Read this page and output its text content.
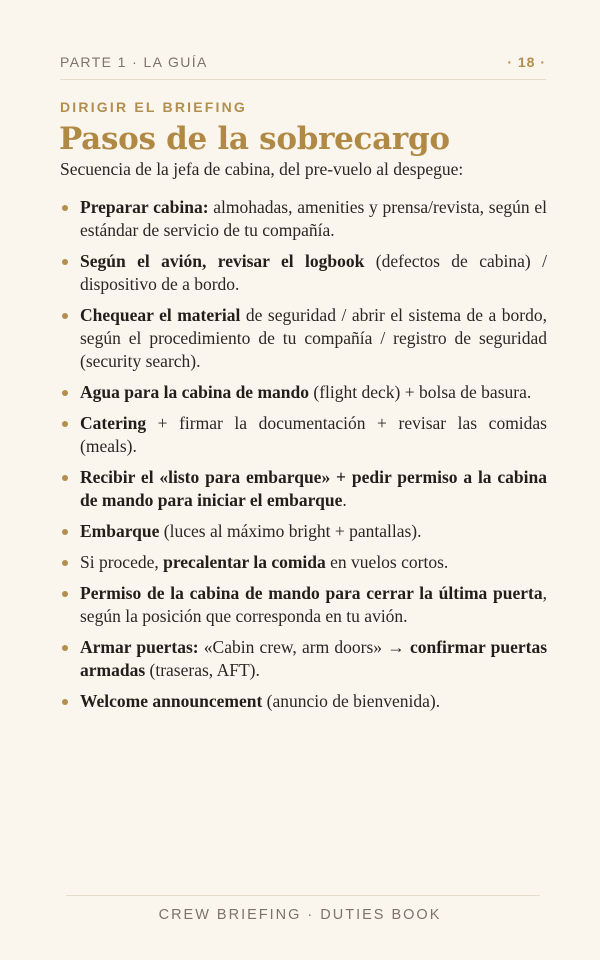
PARTE 1 · LA GUÍA	· 18 ·
DIRIGIR EL BRIEFING
Pasos de la sobrecargo
Secuencia de la jefa de cabina, del pre-vuelo al despegue:
Preparar cabina: almohadas, amenities y prensa/revista, según el estándar de servicio de tu compañía.
Según el avión, revisar el logbook (defectos de cabina) / dispositivo de a bordo.
Chequear el material de seguridad / abrir el sistema de a bordo, según el procedimiento de tu compañía / registro de seguridad (security search).
Agua para la cabina de mando (flight deck) + bolsa de basura.
Catering + firmar la documentación + revisar las comidas (meals).
Recibir el «listo para embarque» + pedir permiso a la cabina de mando para iniciar el embarque.
Embarque (luces al máximo bright + pantallas).
Si procede, precalentar la comida en vuelos cortos.
Permiso de la cabina de mando para cerrar la última puerta, según la posición que corresponda en tu avión.
Armar puertas: «Cabin crew, arm doors» → confirmar puertas armadas (traseras, AFT).
Welcome announcement (anuncio de bienvenida).
CREW BRIEFING · DUTIES BOOK
